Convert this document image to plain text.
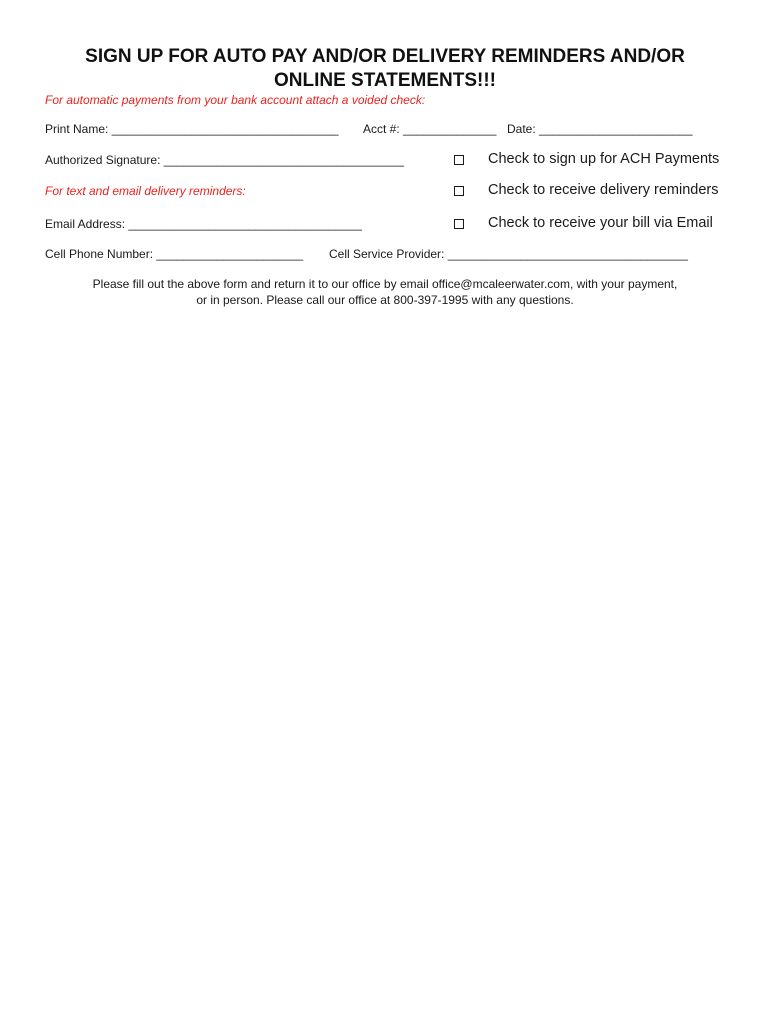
SIGN UP FOR AUTO PAY AND/OR DELIVERY REMINDERS AND/OR
ONLINE STATEMENTS!!!
For automatic payments from your bank account attach a voided check:
Print Name: __________________________________ Acct #: ______________ Date: _______________________
Authorized Signature: ____________________________________	Check to sign up for ACH Payments
For text and email delivery reminders:	Check to receive delivery reminders
Email Address: ___________________________________	Check to receive your bill via Email
Cell Phone Number: ______________________ Cell Service Provider: ____________________________________
Please fill out the above form and return it to our office by email office@mcaleerwater.com, with your payment,
or in person. Please call our office at 800-397-1995 with any questions.
